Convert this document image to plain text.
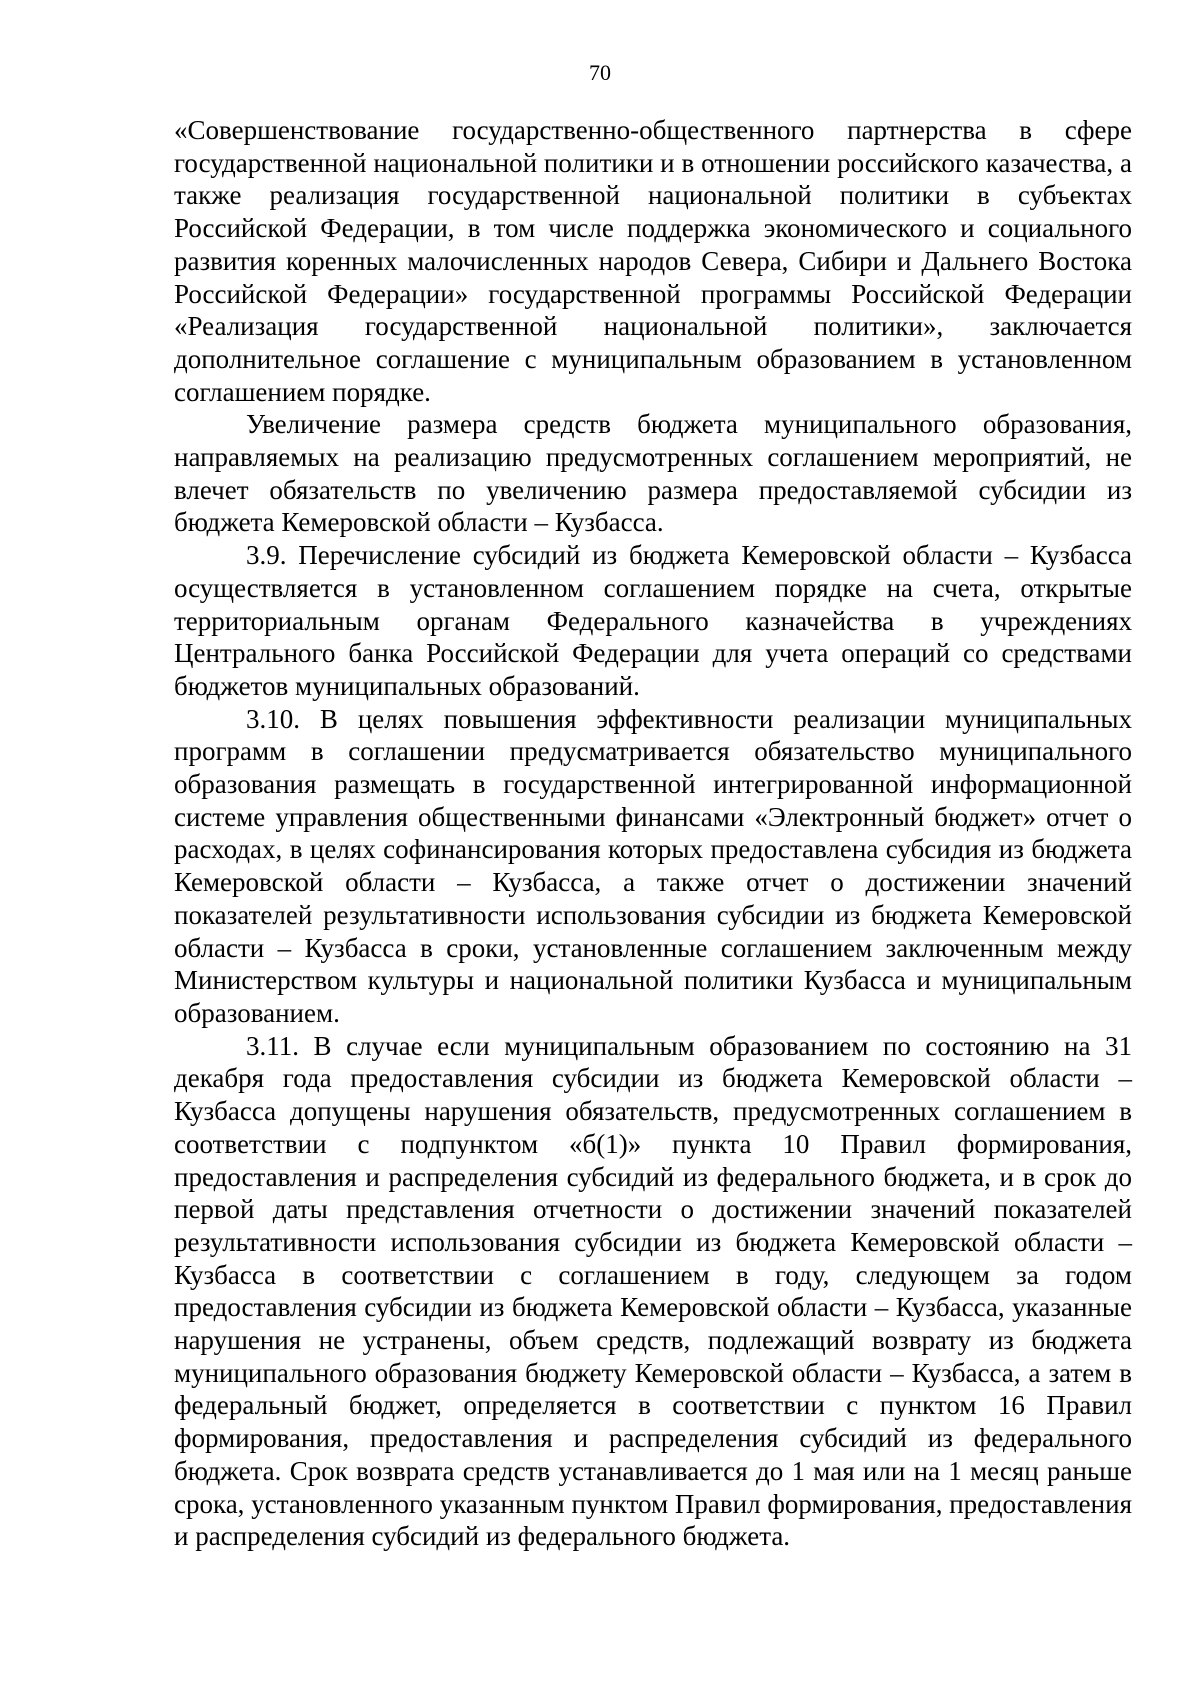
70

«Совершенствование государственно-общественного партнерства в сфере государственной национальной политики и в отношении российского казачества, а также реализация государственной национальной политики в субъектах Российской Федерации, в том числе поддержка экономического и социального развития коренных малочисленных народов Севера, Сибири и Дальнего Востока Российской Федерации» государственной программы Российской Федерации «Реализация государственной национальной политики», заключается дополнительное соглашение с муниципальным образованием в установленном соглашением порядке.

Увеличение размера средств бюджета муниципального образования, направляемых на реализацию предусмотренных соглашением мероприятий, не влечет обязательств по увеличению размера предоставляемой субсидии из бюджета Кемеровской области – Кузбасса.

3.9. Перечисление субсидий из бюджета Кемеровской области – Кузбасса осуществляется в установленном соглашением порядке на счета, открытые территориальным органам Федерального казначейства в учреждениях Центрального банка Российской Федерации для учета операций со средствами бюджетов муниципальных образований.

3.10. В целях повышения эффективности реализации муниципальных программ в соглашении предусматривается обязательство муниципального образования размещать в государственной интегрированной информационной системе управления общественными финансами «Электронный бюджет» отчет о расходах, в целях софинансирования которых предоставлена субсидия из бюджета Кемеровской области – Кузбасса, а также отчет о достижении значений показателей результативности использования субсидии из бюджета Кемеровской области – Кузбасса в сроки, установленные соглашением заключенным между Министерством культуры и национальной политики Кузбасса и муниципальным образованием.

3.11. В случае если муниципальным образованием по состоянию на 31 декабря года предоставления субсидии из бюджета Кемеровской области – Кузбасса допущены нарушения обязательств, предусмотренных соглашением в соответствии с подпунктом «б(1)» пункта 10 Правил формирования, предоставления и распределения субсидий из федерального бюджета, и в срок до первой даты представления отчетности о достижении значений показателей результативности использования субсидии из бюджета Кемеровской области – Кузбасса в соответствии с соглашением в году, следующем за годом предоставления субсидии из бюджета Кемеровской области – Кузбасса, указанные нарушения не устранены, объем средств, подлежащий возврату из бюджета муниципального образования бюджету Кемеровской области – Кузбасса, а затем в федеральный бюджет, определяется в соответствии с пунктом 16 Правил формирования, предоставления и распределения субсидий из федерального бюджета. Срок возврата средств устанавливается до 1 мая или на 1 месяц раньше срока, установленного указанным пунктом Правил формирования, предоставления и распределения субсидий из федерального бюджета.
